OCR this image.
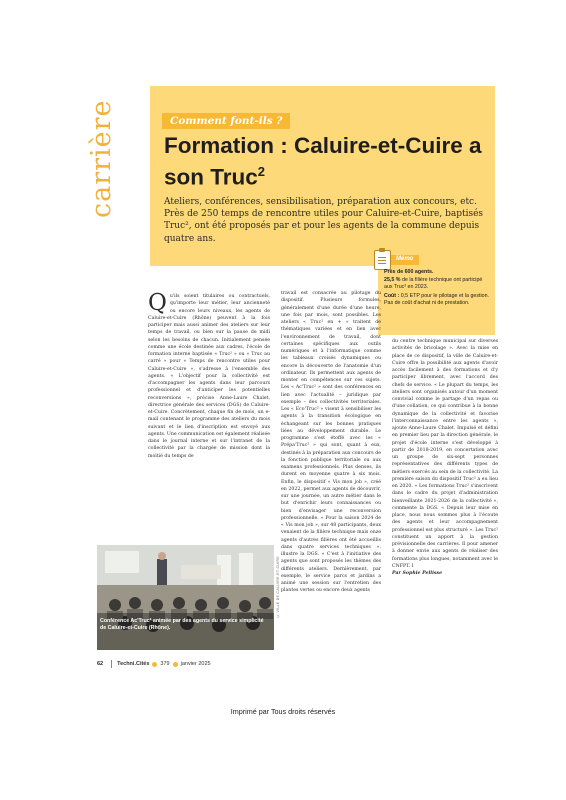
carrière	Comment font-ils ?
Formation : Caluire-et-Cuire a son Truc$^2$

Ateliers, conférences, sensibilisation, préparation aux concours, etc. Près de 250 temps de rencontre utiles pour Caluire-et-Cuire, baptisés Truc², ont été proposés par et pour les agents de la commune depuis quatre ans.

Mémo

Près de 600 agents.

25,5 % de la filière technique ont participé aux Truc² en 2023.

Coût : 0,5 ETP pour le pilotage et la gestion. Pas de coût d'achat ni de prestation.

Qu'ils soient titulaires ou contractuels, qu'importe leur métier, leur ancienneté ou encore leurs niveaux, les agents de Caluire-et-Cuire (Rhône) peuvent à la fois participer mais aussi animer des ateliers sur leur temps de travail, ou bien sur la pause de midi selon les besoins de chacun. Initialement pensée comme une école destinée aux cadres, l'école de formation interne baptisée « Truc² » ou « Truc au carré » pour « Temps de rencontre utiles pour Caluire-et-Cuire », s'adresse à l'ensemble des agents. « L'objectif pour la collectivité est d'accompagner les agents dans leur parcours professionnel et d'anticiper les potentielles reconversions », précise Anne-Laure Chalet, directrice générale des services (DGS) de Caluire-et-Cuire. Concrètement, chaque fin de mois, un e-mail contenant le programme des ateliers du mois suivant et le lien d'inscription est envoyé aux agents. Une communication est également réalisée dans le journal interne et sur l'intranet de la collectivité par la chargée de mission dont la moitié du temps de

travail est consacrée au pilotage du dispositif. Plusieurs formules, généralement d'une durée d'une heure, une fois par mois, sont possibles. Les ateliers « Truc² en + » traitent de thématiques variées et en lien avec l'environnement de travail, dont certaines spécifiques aux outils numériques et à l'informatique comme les tableaux croisés dynamiques ou encore la découverte de l'anatomie d'un ordinateur. Ils permettent aux agents de monter en compétences sur ces sujets. Les « Ac'Truc² » sont des conférences en lien avec l'actualité – juridique par exemple – des collectivités territoriales. Les « Eco'Truc² » visent à sensibiliser les agents à la transition écologique en échangeant sur les bonnes pratiques liées au développement durable. Le programme s'est étoffé avec les « Prépa'Truc² » qui sont, quant à eux, destinés à la préparation aux concours de la fonction publique territoriale ou aux examens professionnels. Plus denses, ils durent en moyenne quatre à six mois. Enfin, le dispositif « Vis mon job », créé en 2022, permet aux agents de découvrir, sur une journée, un autre métier dans le but d'enrichir leurs connaissances ou bien d'envisager une reconversion professionnelle. « Pour la saison 2024 de « Vis mon job », sur 48 participants, deux venaient de la filière technique mais onze agents d'autres filières ont été accueillis dans quatre services techniques », illustre la DGS. « C'est à l'initiative des agents que sont proposés les thèmes des différents ateliers. Dernièrement, par exemple, le service parcs et jardins a animé une session sur l'entretien des plantes vertes ou encore deux agents

du centre technique municipal sur diverses activités de bricolage ». Avec la mise en place de ce dispositif, la ville de Caluire-et-Cuire offre la possibilité aux agents d'avoir accès facilement à des formations et d'y participer librement, avec l'accord des chefs de service. « Le plupart du temps, les ateliers sont organisés autour d'un moment convivial comme le partage d'un repas ou d'une collation, ce qui contribue à la bonne dynamique de la collectivité et favorise l'interconnaissance entre les agents », ajoute Anne-Laure Chalet. Impulsé et défini en premier lieu par la direction générale, le projet d'école interne s'est développé à partir de 2018-2019, en concertation avec un groupe de six-sept personnes représentatives des différents types de métiers exercés au sein de la collectivité. La première saison du dispositif Truc² a eu lieu en 2020. « Les formations Truc² s'inscrivent dans le cadre du projet d'administration bienveillante 2021-2026 de la collectivité », commente la DGS. « Depuis leur mise en place, nous nous sommes plus à l'écoute des agents et leur accompagnement professionnel est plus structuré ». Les Truc² constituent un apport à la gestion prévisionnelle des carrières. Il pour amener à donner envie aux agents de réaliser des formations plus longues, notamment avec le CNFPT. I
Par Sophie Pellisse

© VILLE DE CALUIRE-ET-CUIRE

Conférence Ac'Truc² animée par des agents du service simplicité de Caluire-et-Cuire (Rhône).

62	Techni.Cités 379 janvier 2025
Imprimé par Tous droits réservés
